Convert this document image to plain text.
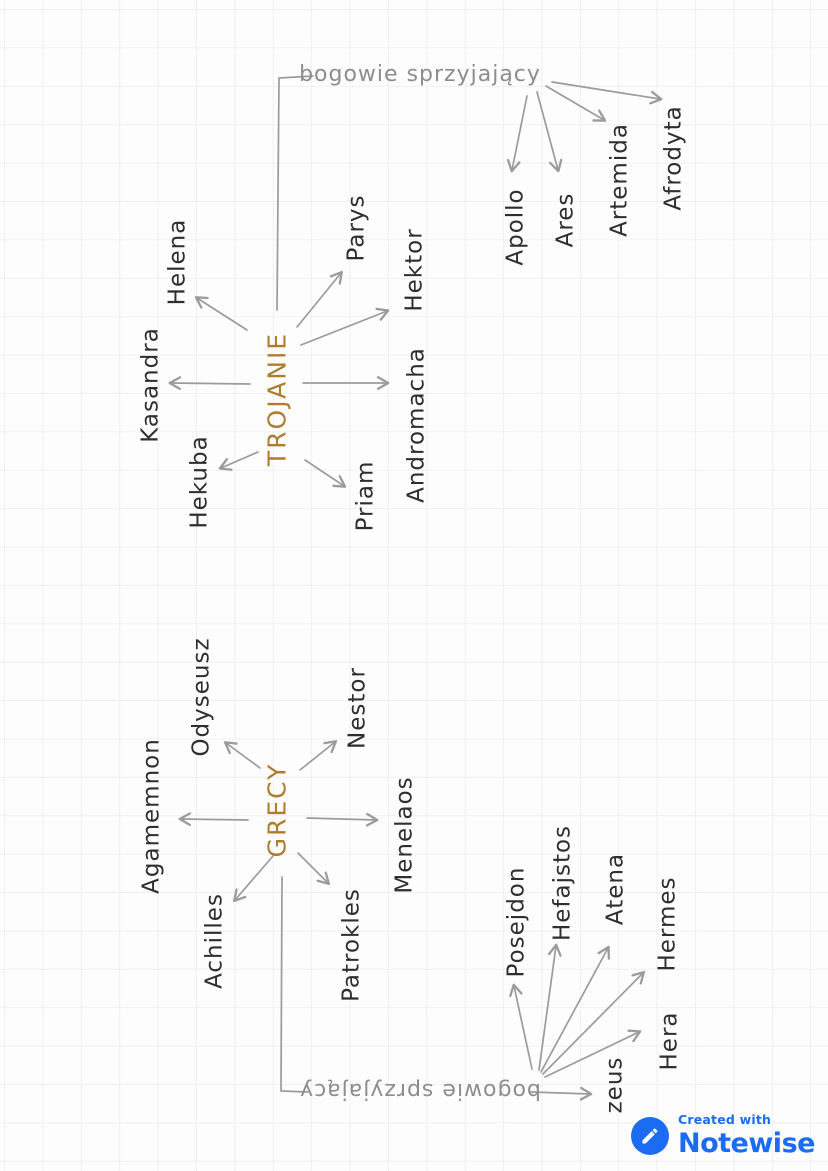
bogowie sprzyjający
Apollo Ares Artemida Afrodyta
Helena	Parys
Hektor
Kasandra	TROJANIE	Andromacha
Hekuba	Priam
Odyseusz	Nestor
Agamemnon	GRECY	Menelaos
Achilles	Patrokles
bogowie sprzyjający
Posejdon Hefajstos Atena Hermes
Hera
zeus
Created with
Notewise
